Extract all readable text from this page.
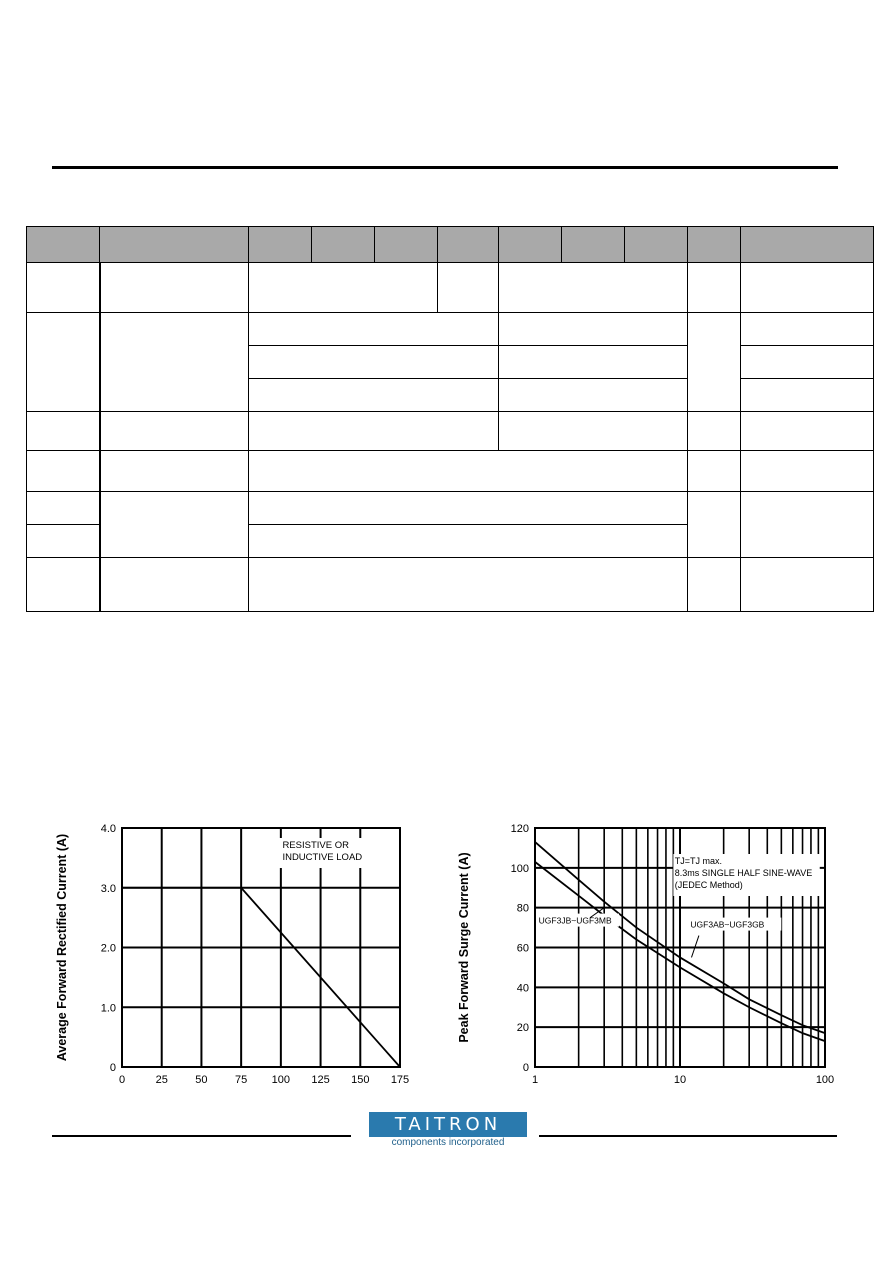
0	25 50 75 100 125 150 175
0
1.0
2.0
3.0
4.0
RESISTIVE OR
INDUCTIVE LOAD
Average Forward Rectified Current (A)
1	10	100
0
20
40
60
80
100
120
TJ=TJ max.
8.3ms SINGLE HALF SINE-WAVE
(JEDEC Method)
UGF3AB~UGF3GB
UGF3JB~UGF3MB
Peak Forward Surge Current (A)
TAITRON
components incorporated
